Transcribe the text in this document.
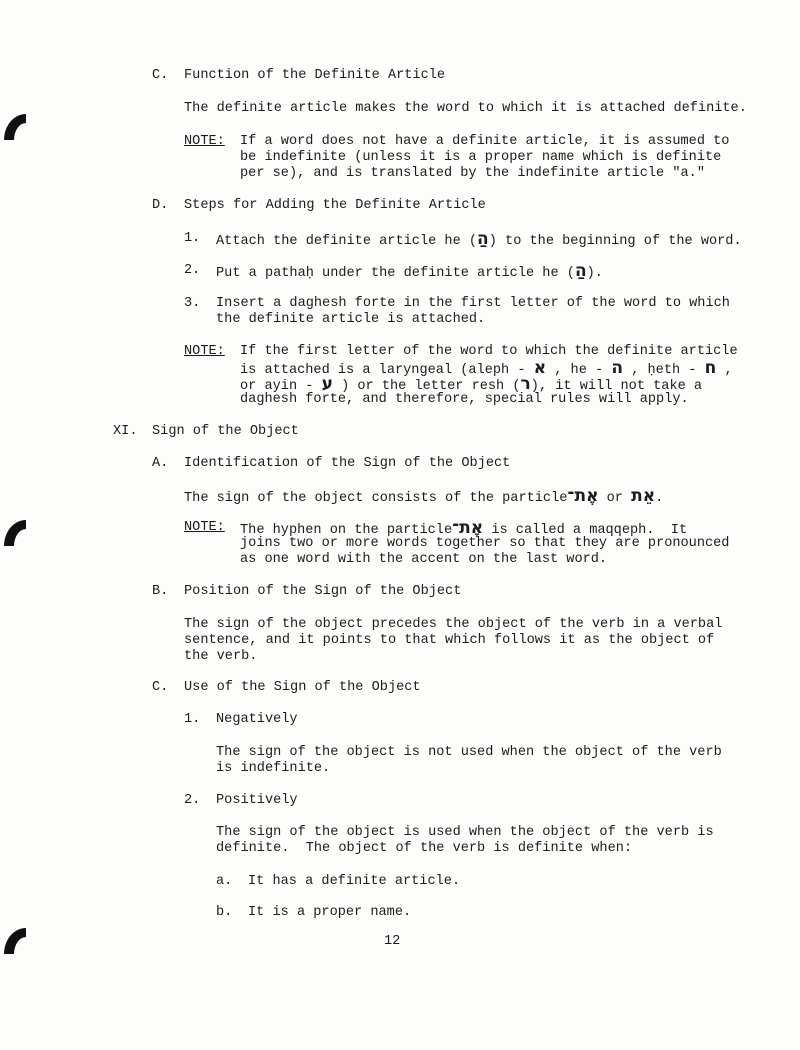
C. Function of the Definite Article
The definite article makes the word to which it is attached definite.
NOTE: If a word does not have a definite article, it is assumed to
be indefinite (unless it is a proper name which is definite
per se), and is translated by the indefinite article "a."
D. Steps for Adding the Definite Article
1. Attach the definite article he (הַ) to the beginning of the word.
2. Put a pathaḥ under the definite article he (הַ).
3. Insert a daghesh forte in the first letter of the word to which
the definite article is attached.
NOTE: If the first letter of the word to which the definite article
is attached is a laryngeal (aleph - א , he - ה , ḥeth - ח ,
or ayin - ע ) or the letter resh (ר), it will not take a
daghesh forte, and therefore, special rules will apply.
XI. Sign of the Object
A. Identification of the Sign of the Object
The sign of the object consists of the particleאֶת־ or אֵת.
NOTE: The hyphen on the particleאֶת־ is called a maqqeph.  It
joins two or more words together so that they are pronounced
as one word with the accent on the last word.
B. Position of the Sign of the Object
The sign of the object precedes the object of the verb in a verbal
sentence, and it points to that which follows it as the object of
the verb.
C. Use of the Sign of the Object
1. Negatively
The sign of the object is not used when the object of the verb
is indefinite.
2. Positively
The sign of the object is used when the object of the verb is
definite.  The object of the verb is definite when:
a. It has a definite article.
b. It is a proper name.
12
